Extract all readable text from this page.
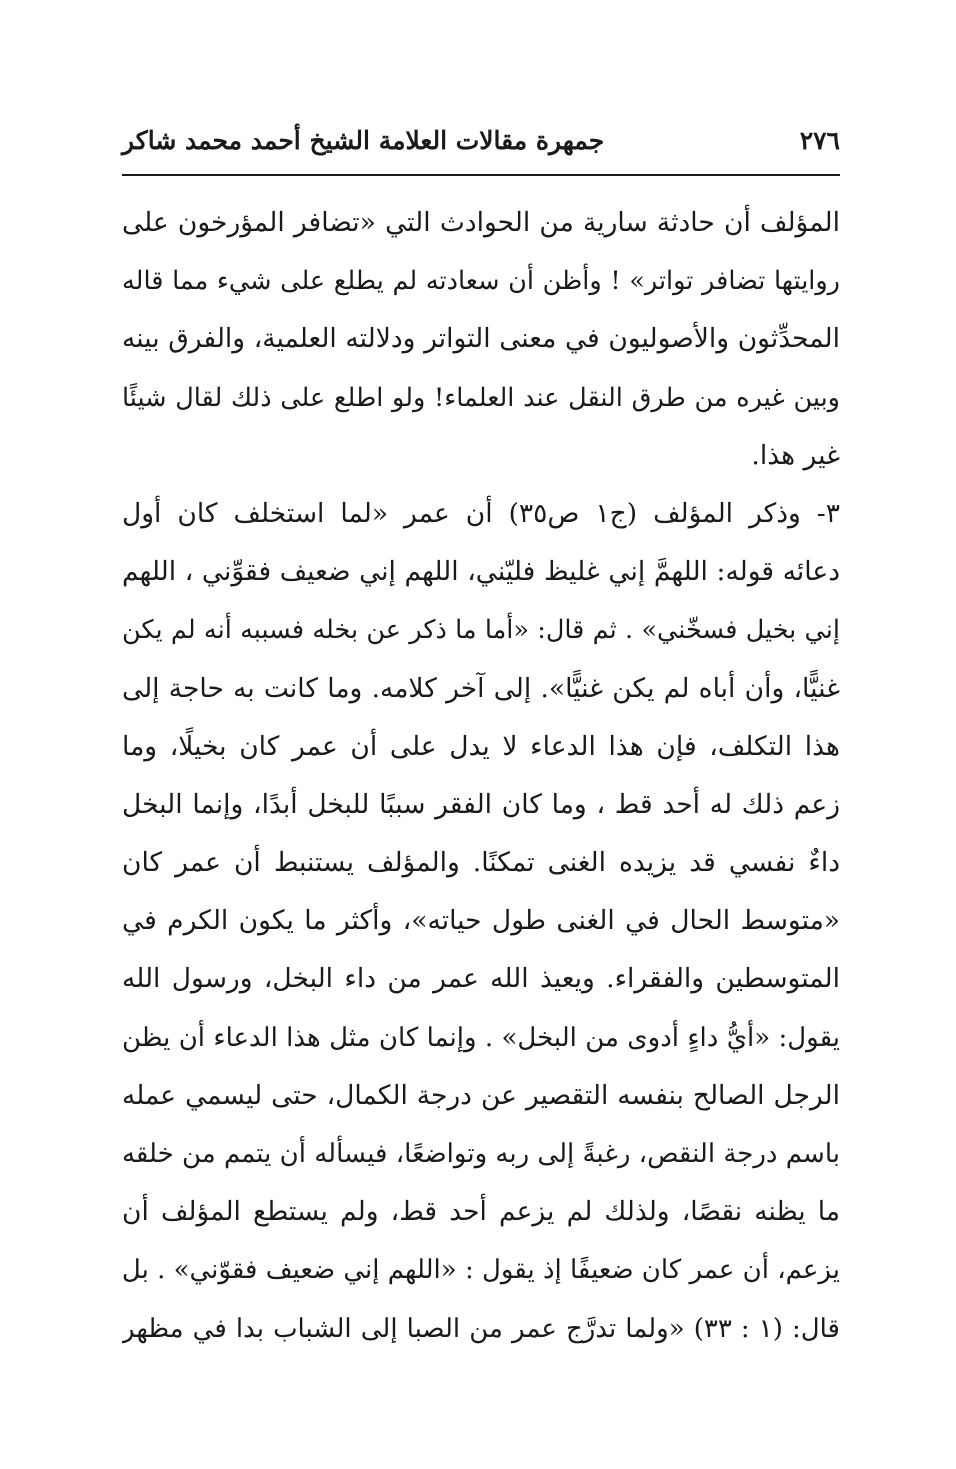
٢٧٦
جمهرة مقالات العلامة الشيخ أحمد محمد شاكر
المؤلف أن حادثة سارية من الحوادث التي «تضافر المؤرخون على
روايتها تضافر تواتر» ! وأظن أن سعادته لم يطلع على شيء مما قاله
المحدِّثون والأصوليون في معنى التواتر ودلالته العلمية، والفرق بينه
وبين غيره من طرق النقل عند العلماء! ولو اطلع على ذلك لقال شيئًا
غير هذا.
٣- وذكر المؤلف (ج١ ص٣٥) أن عمر «لما استخلف كان أول
دعائه قوله: اللهمَّ إني غليظ فليّني، اللهم إني ضعيف فقوِّني ، اللهم
إني بخيل فسخّني» . ثم قال: «أما ما ذكر عن بخله فسببه أنه لم يكن
غنيًّا، وأن أباه لم يكن غنيًّا». إلى آخر كلامه. وما كانت به حاجة إلى
هذا التكلف، فإن هذا الدعاء لا يدل على أن عمر كان بخيلًا، وما
زعم ذلك له أحد قط ، وما كان الفقر سببًا للبخل أبدًا، وإنما البخل
داءٌ نفسي قد يزيده الغنى تمكنًا. والمؤلف يستنبط أن عمر كان
«متوسط الحال في الغنى طول حياته»، وأكثر ما يكون الكرم في
المتوسطين والفقراء. ويعيذ الله عمر من داء البخل، ورسول الله
يقول: «أيُّ داءٍ أدوى من البخل» . وإنما كان مثل هذا الدعاء أن يظن
الرجل الصالح بنفسه التقصير عن درجة الكمال، حتى ليسمي عمله
باسم درجة النقص، رغبةً إلى ربه وتواضعًا، فيسأله أن يتمم من خلقه
ما يظنه نقصًا، ولذلك لم يزعم أحد قط، ولم يستطع المؤلف أن
يزعم، أن عمر كان ضعيفًا إذ يقول : «اللهم إني ضعيف فقوّني» . بل
قال: (١ : ٣٣) «ولما تدرَّج عمر من الصبا إلى الشباب بدا في مظهر
